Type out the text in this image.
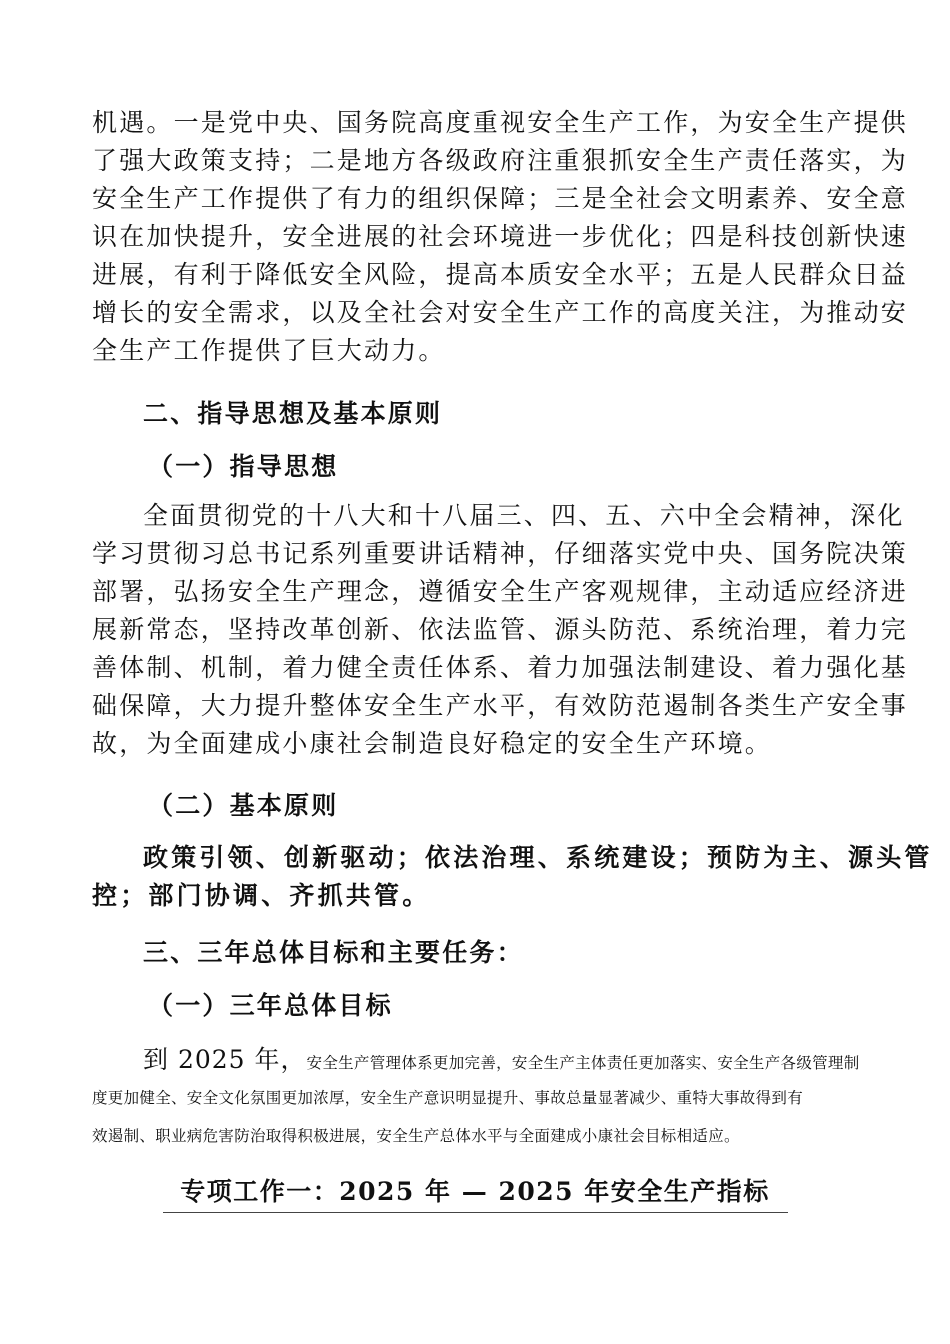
机遇。一是党中央、国务院高度重视安全生产工作，为安全生产提供
了强大政策支持；二是地方各级政府注重狠抓安全生产责任落实，为
安全生产工作提供了有力的组织保障；三是全社会文明素养、安全意
识在加快提升，安全进展的社会环境进一步优化；四是科技创新快速
进展，有利于降低安全风险，提高本质安全水平；五是人民群众日益
增长的安全需求，以及全社会对安全生产工作的高度关注，为推动安
全生产工作提供了巨大动力。
二、指导思想及基本原则
（一）指导思想
全面贯彻党的十八大和十八届三、四、五、六中全会精神，深化
学习贯彻习总书记系列重要讲话精神，仔细落实党中央、国务院决策
部署，弘扬安全生产理念，遵循安全生产客观规律，主动适应经济进
展新常态，坚持改革创新、依法监管、源头防范、系统治理，着力完
善体制、机制，着力健全责任体系、着力加强法制建设、着力强化基
础保障，大力提升整体安全生产水平，有效防范遏制各类生产安全事
故，为全面建成小康社会制造良好稳定的安全生产环境。
（二）基本原则
政策引领、创新驱动；依法治理、系统建设；预防为主、源头管
控；部门协调、齐抓共管。
三、三年总体目标和主要任务：
（一）三年总体目标
到 2025 年，安全生产管理体系更加完善，安全生产主体责任更加落实、安全生产各级管理制
度更加健全、安全文化氛围更加浓厚，安全生产意识明显提升、事故总量显著减少、重特大事故得到有
效遏制、职业病危害防治取得积极进展，安全生产总体水平与全面建成小康社会目标相适应。
专项工作一：2025 年 — 2025 年安全生产指标
